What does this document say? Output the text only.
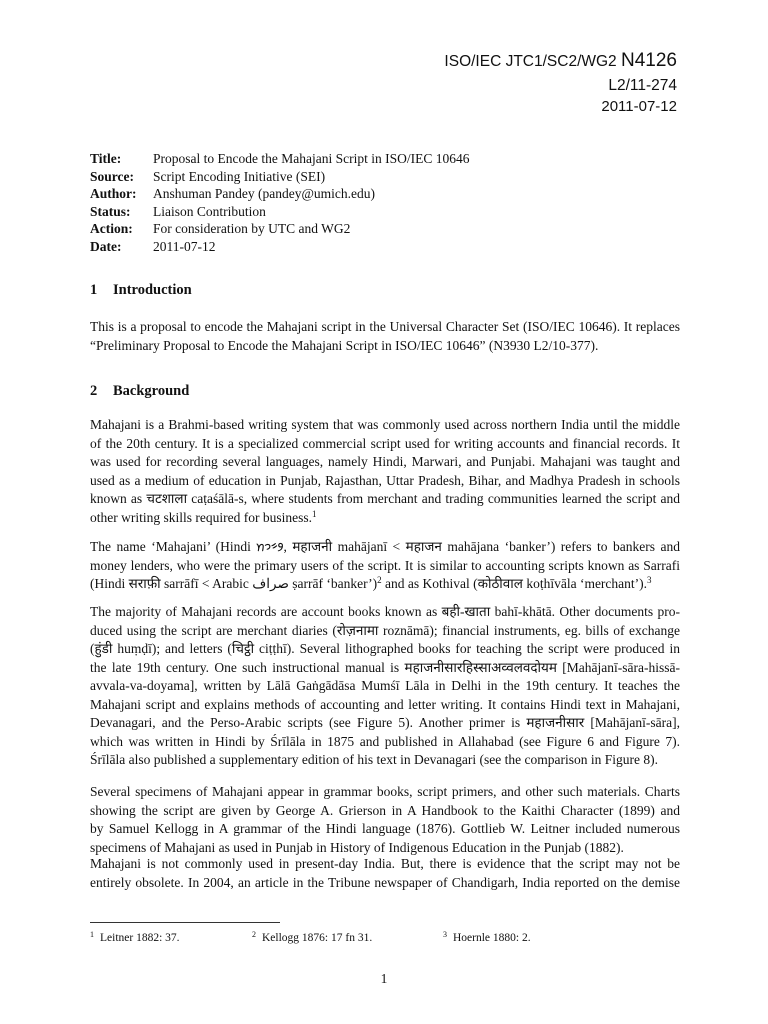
ISO/IEC JTC1/SC2/WG2 N4126
L2/11-274
2011-07-12
Title:	Proposal to Encode the Mahajani Script in ISO/IEC 10646
Source:	Script Encoding Initiative (SEI)
Author:	Anshuman Pandey (pandey@umich.edu)
Status:	Liaison Contribution
Action:	For consideration by UTC and WG2
Date:	2011-07-12
1 Introduction
This is a proposal to encode the Mahajani script in the Universal Character Set (ISO/IEC 10646). It replaces
“Preliminary Proposal to Encode the Mahajani Script in ISO/IEC 10646” (N3930 L2/10-377).
2 Background
Mahajani is a Brahmi-based writing system that was commonly used across northern India until the middle
of the 20th century. It is a specialized commercial script used for writing accounts and financial records. It
was used for recording several languages, namely Hindi, Marwari, and Punjabi. Mahajani was taught and
used as a medium of education in Punjab, Rajasthan, Uttar Pradesh, Bihar, and Madhya Pradesh in schools
known as चटशाला caṭaśālā-s, where students from merchant and trading communities learned the script and
other writing skills required for business.$^1$
The name ‘Mahajani’ (Hindi 𑅬𑅭𑅱𑅛, महाजनी mahājanī < महाजन mahājana ‘banker’) refers to bankers and
money lenders, who were the primary users of the script. It is similar to accounting scripts known as Sarrafi
(Hindi सराफ़ी sarrāfī < Arabic صراف ṣarrāf ‘banker’)$^2$ and as Kothival (कोठीवाल koṭhīvāla ‘merchant’).$^3$
The majority of Mahajani records are account books known as बही-खाता bahī-khātā. Other documents pro-
duced using the script are merchant diaries (रोज़नामा roznāmā); financial instruments, eg. bills of exchange
(हुंडी huṃḍī); and letters (चिट्ठी ciṭṭhī). Several lithographed books for teaching the script were produced in
the late 19th century. One such instructional manual is महाजनीसारहिस्साअव्वलवदोयम [Mahājanī-sāra-hissā-
avvala-va-doyama], written by Lālā Gaṅgādāsa Mumśī Lāla in Delhi in the 19th century. It teaches the
Mahajani script and explains methods of accounting and letter writing. It contains Hindi text in Mahajani,
Devanagari, and the Perso-Arabic scripts (see Figure 5). Another primer is महाजनीसार [Mahājanī-sāra],
which was written in Hindi by Śrīlāla in 1875 and published in Allahabad (see Figure 6 and Figure 7).
Śrīlāla also published a supplementary edition of his text in Devanagari (see the comparison in Figure 8).
Several specimens of Mahajani appear in grammar books, script primers, and other such materials. Charts
showing the script are given by George A. Grierson in A Handbook to the Kaithi Character (1899) and
by Samuel Kellogg in A grammar of the Hindi language (1876). Gottlieb W. Leitner included numerous
specimens of Mahajani as used in Punjab in History of Indigenous Education in the Punjab (1882).
Mahajani is not commonly used in present-day India. But, there is evidence that the script may not be
entirely obsolete. In 2004, an article in the Tribune newspaper of Chandigarh, India reported on the demise
$^1$ Leitner 1882: 37.	$^2$ Kellogg 1876: 17 fn 31.	$^3$ Hoernle 1880: 2.
1
